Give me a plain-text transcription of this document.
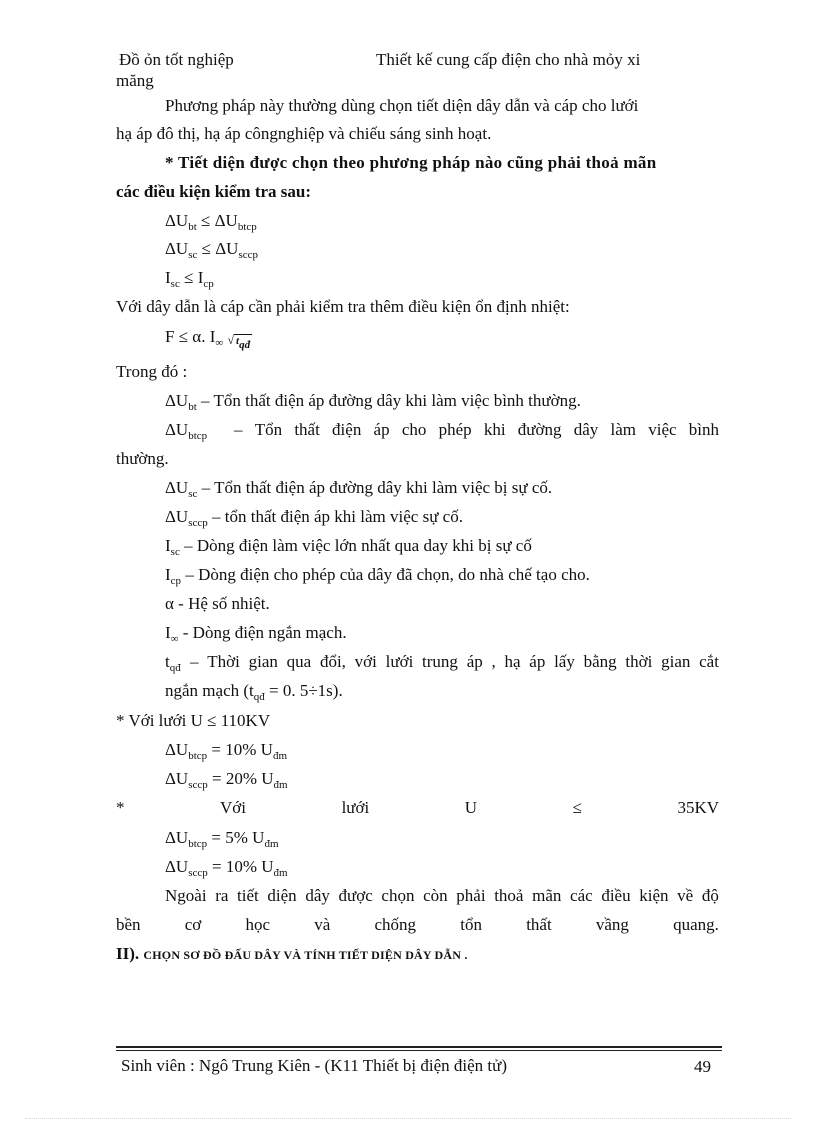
Đồ ỏn tốt nghiệp	Thiết kế cung cấp điện cho nhà mỏy xi
măng
Phương pháp này thường dùng chọn tiết diện dây dẫn và cáp cho lưới
hạ áp đô thị, hạ áp côngnghiệp và chiếu sáng sinh hoạt.
* Tiết diện được chọn theo phương pháp nào cũng phải thoả mãn
các điều kiện kiểm tra sau:
$\Delta U_{bt} \le \Delta U_{btcp}$
$\Delta U_{sc} \le \Delta U_{sccp}$
$I_{sc} \le I_{cp}$
Với dây dẫn là cáp cần phải kiểm tra thêm điều kiện ổn định nhiệt:
F ≤ α. $I_\infty$ √ $t_{qđ}$
Trong đó :
$\Delta U_{bt}$ – Tổn thất điện áp đường dây khi làm việc bình thường.
$\Delta U_{btcp}$ – Tổn thất điện áp cho phép khi đường dây làm việc bình
thường.
$\Delta U_{sc}$ – Tổn thất điện áp đường dây khi làm việc bị sự cố.
$\Delta U_{sccp}$ – tổn thất điện áp khi làm việc sự cố.
$I_{sc}$ – Dòng điện làm việc lớn nhất qua day khi bị sự cố
$I_{cp}$ – Dòng điện cho phép của dây đã chọn, do nhà chế tạo cho.
α - Hệ số nhiệt.
$I_\infty$ - Dòng điện ngắn mạch.
$t_{qđ}$ – Thời gian qua đổi, với lưới trung áp , hạ áp lấy bằng thời gian cắt
ngắn mạch ($t_{qđ} = 0$. 5÷1s).
* Với lưới U ≤ 110KV
$\Delta U_{btcp} = 10\%$ $U_{đm}$
$\Delta U_{sccp} = 20\%$ $U_{đm}$
*	Với	lưới	U	≤	35KV
$\Delta U_{btcp} = 5\%$ $U_{đm}$
$\Delta U_{sccp} = 10\%$ $U_{đm}$
Ngoài ra tiết diện dây được chọn còn phải thoả mãn các điều kiện về độ
bền	cơ	học	và	chống	tổn	thất	vầng	quang.
II). CHỌN SƠ ĐỒ ĐẤU DÂY VÀ TÍNH TIẾT DIỆN DÂY DẪN .
Sinh viên : Ngô Trung Kiên - (K11 Thiết bị điện điện tử)	49
